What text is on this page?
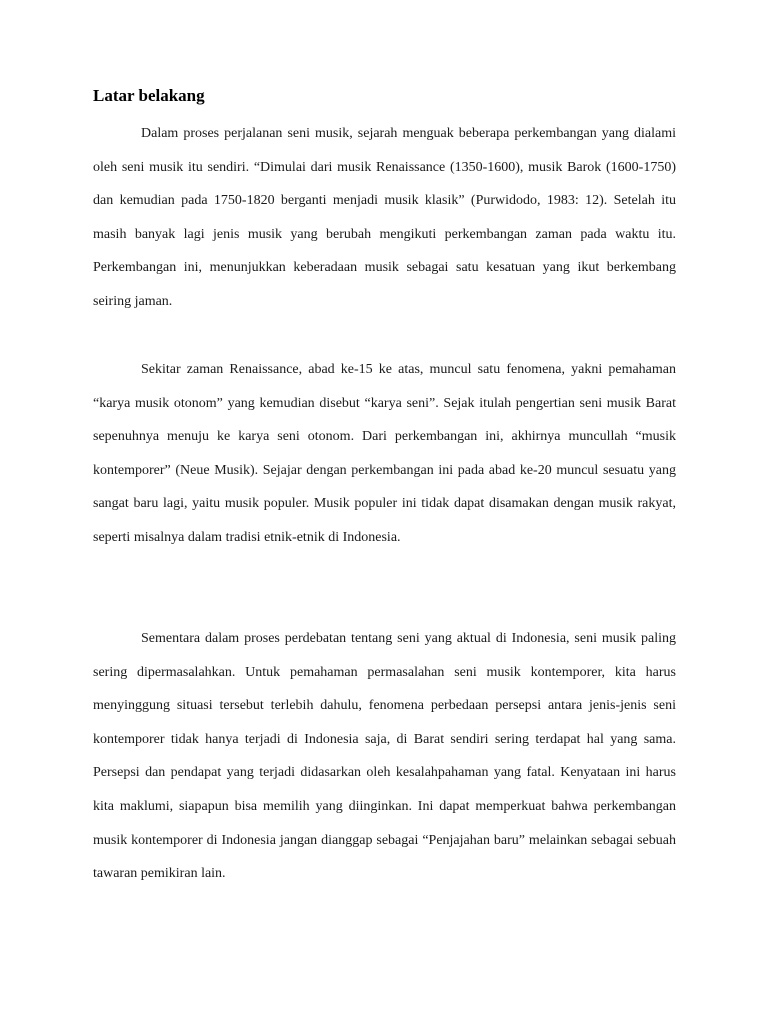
Latar belakang

Dalam proses perjalanan seni musik, sejarah menguak beberapa perkembangan yang dialami oleh seni musik itu sendiri. “Dimulai dari musik Renaissance (1350-1600), musik Barok (1600-1750) dan kemudian pada 1750-1820 berganti menjadi musik klasik” (Purwidodo, 1983: 12). Setelah itu masih banyak lagi jenis musik yang berubah mengikuti perkembangan zaman pada waktu itu. Perkembangan ini, menunjukkan keberadaan musik sebagai satu kesatuan yang ikut berkembang seiring jaman.

Sekitar zaman Renaissance, abad ke-15 ke atas, muncul satu fenomena, yakni pemahaman “karya musik otonom” yang kemudian disebut “karya seni”. Sejak itulah pengertian seni musik Barat sepenuhnya menuju ke karya seni otonom. Dari perkembangan ini, akhirnya muncullah “musik kontemporer” (Neue Musik). Sejajar dengan perkembangan ini pada abad ke-20 muncul sesuatu yang sangat baru lagi, yaitu musik populer. Musik populer ini tidak dapat disamakan dengan musik rakyat, seperti misalnya dalam tradisi etnik-etnik di Indonesia.

Sementara dalam proses perdebatan tentang seni yang aktual di Indonesia, seni musik paling sering dipermasalahkan. Untuk pemahaman permasalahan seni musik kontemporer, kita harus menyinggung situasi tersebut terlebih dahulu, fenomena perbedaan persepsi antara jenis-jenis seni kontemporer tidak hanya terjadi di Indonesia saja, di Barat sendiri sering terdapat hal yang sama. Persepsi dan pendapat yang terjadi didasarkan oleh kesalahpahaman yang fatal. Kenyataan ini harus kita maklumi, siapapun bisa memilih yang diinginkan. Ini dapat memperkuat bahwa perkembangan musik kontemporer di Indonesia jangan dianggap sebagai “Penjajahan baru” melainkan sebagai sebuah tawaran pemikiran lain.
